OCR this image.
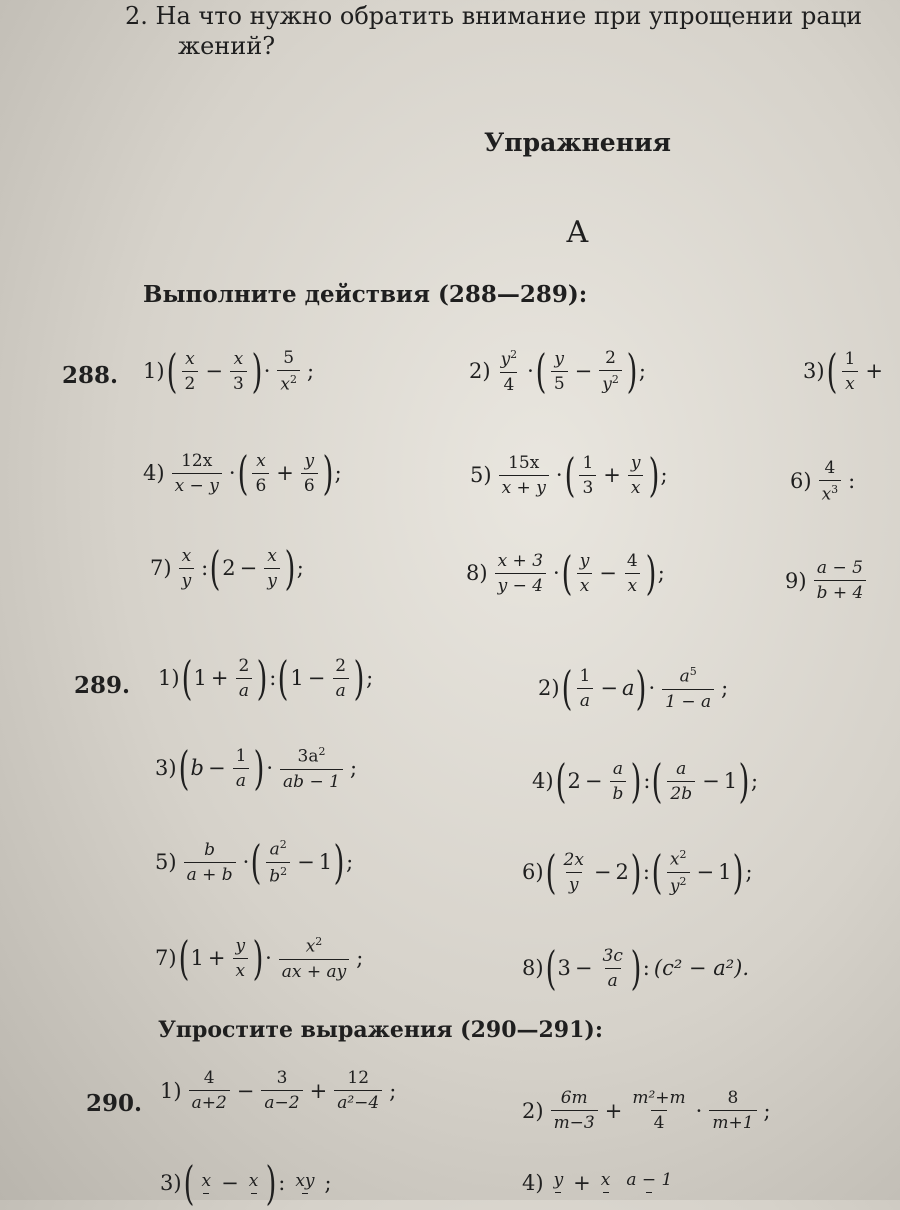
2. На что нужно обратить внимание при упрощении раци
жений?
Упражнения
А
Выполните действия (288—289):
288. 1) ( $\frac{x}{2} - \frac{x}{3}$ ) · $\frac{5}{x^2}$ ;	$2) \frac{y^2}{4}$ · ( $\frac{y}{5} - \frac{2}{y^2}$ ) ;	3) ( $\frac{1}{x}$ +
$4) \frac{12x}{x - y}$ · ( $\frac{x}{6} + \frac{y}{6}$ ) ;	$5) \frac{15x}{x + y}$ · ( $\frac{1}{3} + \frac{y}{x}$ ) ;	$6) \frac{4}{x^3}$ :
$7) \frac{x}{y}$ : ( $2 - \frac{x}{y}$ ) ;	$8) \frac{x + 3}{y - 4}$ · ( $\frac{y}{x} - \frac{4}{x}$ ) ;	$9) \frac{a - 5}{b + 4}$
289. 1) ( $1 + \frac{2}{a}$ ) : ( $1 - \frac{2}{a}$ ) ;	2) ( $\frac{1}{a} - a$ ) · $\frac{a^5}{1 - a}$ ;
3) ( $b - \frac{1}{a}$ ) · $\frac{3a^2}{ab - 1}$ ;
4) ( $2 - \frac{a}{b}$ ) : ( $\frac{a}{2b} - 1$ ) ;
$5) \frac{b}{a + b}$ · ( $\frac{a^2}{b^2} - 1$ ) ;	6) ( $\frac{2x}{y} - 2$ ) : ( $\frac{x^2}{y^2} - 1$ ) ;
7) ( $1 + \frac{y}{x}$ ) · $\frac{x^2}{ax + ay}$ ;	8) ( $3 - \frac{3c}{a}$ ) : (c² − a²).
Упростите выражения (290—291):
290. $1) \frac{4}{a+2} - \frac{3}{a-2} + \frac{12}{\text{a²−4}}$ ;
$2) \frac{6m}{m-3} + \frac{\text{m²+m}}{4} \cdot \frac{8}{m+1}$ ;
3) ( x − x ) : xy ;	4) y + x a − 1
